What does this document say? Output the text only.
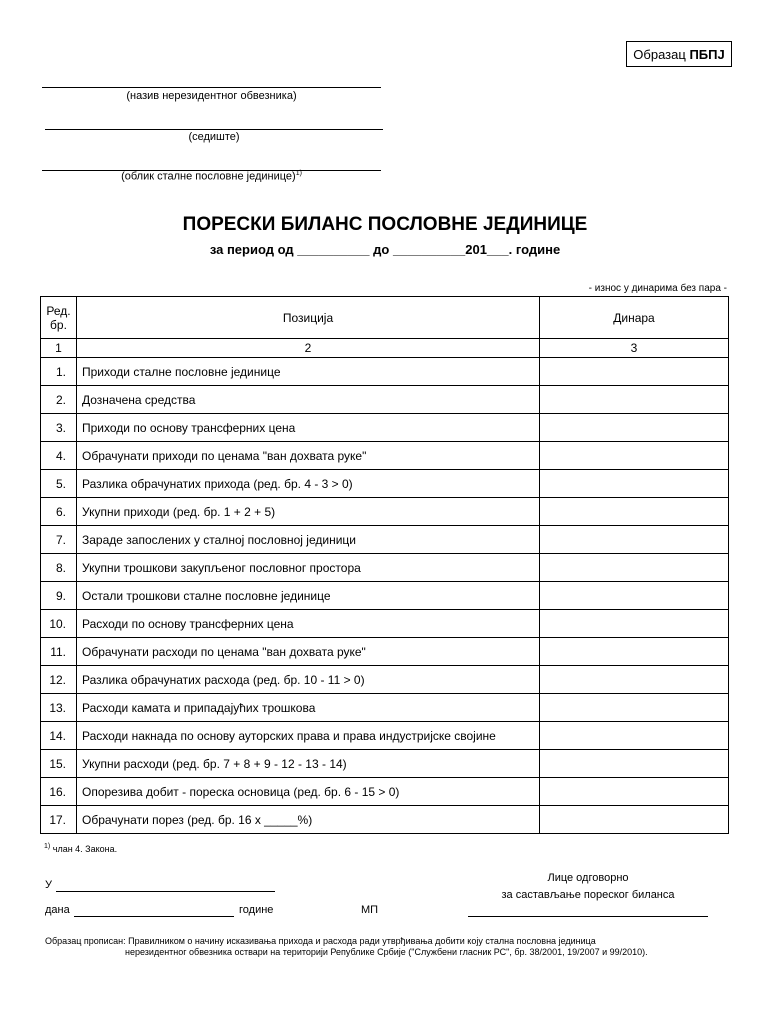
Образац ПБПЈ
(назив нерезидентног обвезника)
(седиште)
(облик сталне пословне јединице)$^{1)}$
ПОРЕСКИ БИЛАНС ПОСЛОВНЕ ЈЕДИНИЦЕ
за период од __________ до __________201___. године
- износ у динарима без пара -
Ред. бр.	Позиција	Динара
1	2	3
1.	Приходи сталне пословне јединице	
2.	Дозначена средства	
3.	Приходи по основу трансферних цена	
4.	Обрачунати приходи по ценама "ван дохвата руке"	
5.	Разлика обрачунатих прихода (ред. бр. 4 - 3 > 0)	
6.	Укупни приходи (ред. бр. 1 + 2 + 5)	
7.	Зараде запослених у сталној пословној јединици	
8.	Укупни трошкови закупљеног пословног простора	
9.	Остали трошкови сталне пословне јединице	
10.	Расходи по основу трансферних цена	
11.	Обрачунати расходи по ценама "ван дохвата руке"	
12.	Разлика обрачунатих расхода (ред. бр. 10 - 11 > 0)	
13.	Расходи камата и припадајућих трошкова	
14.	Расходи накнада по основу ауторских права и права индустријске својине	
15.	Укупни расходи (ред. бр. 7 + 8 + 9 - 12 - 13 - 14)	
16.	Опорезива добит - пореска основица (ред. бр. 6 - 15 > 0)	
17.	Обрачунати порез (ред. бр. 16 x _____%)	
$^{1)}$ члан 4. Закона.
У
дана	године	МП
Лице одговорно
за састављање пореског биланса
Образац прописан: Правилником о начину исказивања прихода и расхода ради утврђивања добити коју стална пословна јединица
нерезидентног обвезника оствари на територији Републике Србије ("Службени гласник РС", бр. 38/2001, 19/2007 и 99/2010).
